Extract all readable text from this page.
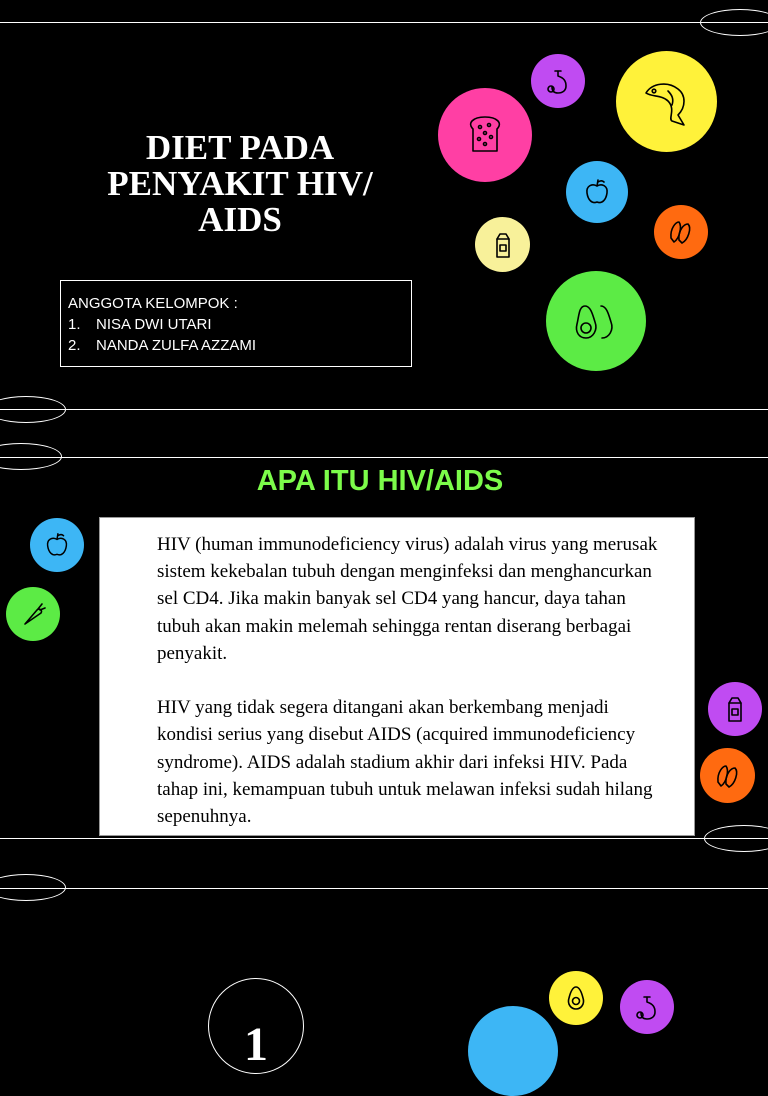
DIET PADA PENYAKIT HIV/ AIDS
ANGGOTA KELOMPOK :
1.	NISA DWI UTARI
2.	NANDA ZULFA AZZAMI
APA ITU HIV/AIDS

HIV (human immunodeficiency virus) adalah virus yang merusak sistem kekebalan tubuh dengan menginfeksi dan menghancurkan sel CD4. Jika makin banyak sel CD4 yang hancur, daya tahan tubuh akan makin melemah sehingga rentan diserang berbagai penyakit.

HIV yang tidak segera ditangani akan berkembang menjadi kondisi serius yang disebut AIDS (acquired immunodeficiency syndrome). AIDS adalah stadium akhir dari infeksi HIV. Pada tahap ini, kemampuan tubuh untuk melawan infeksi sudah hilang sepenuhnya.

1
